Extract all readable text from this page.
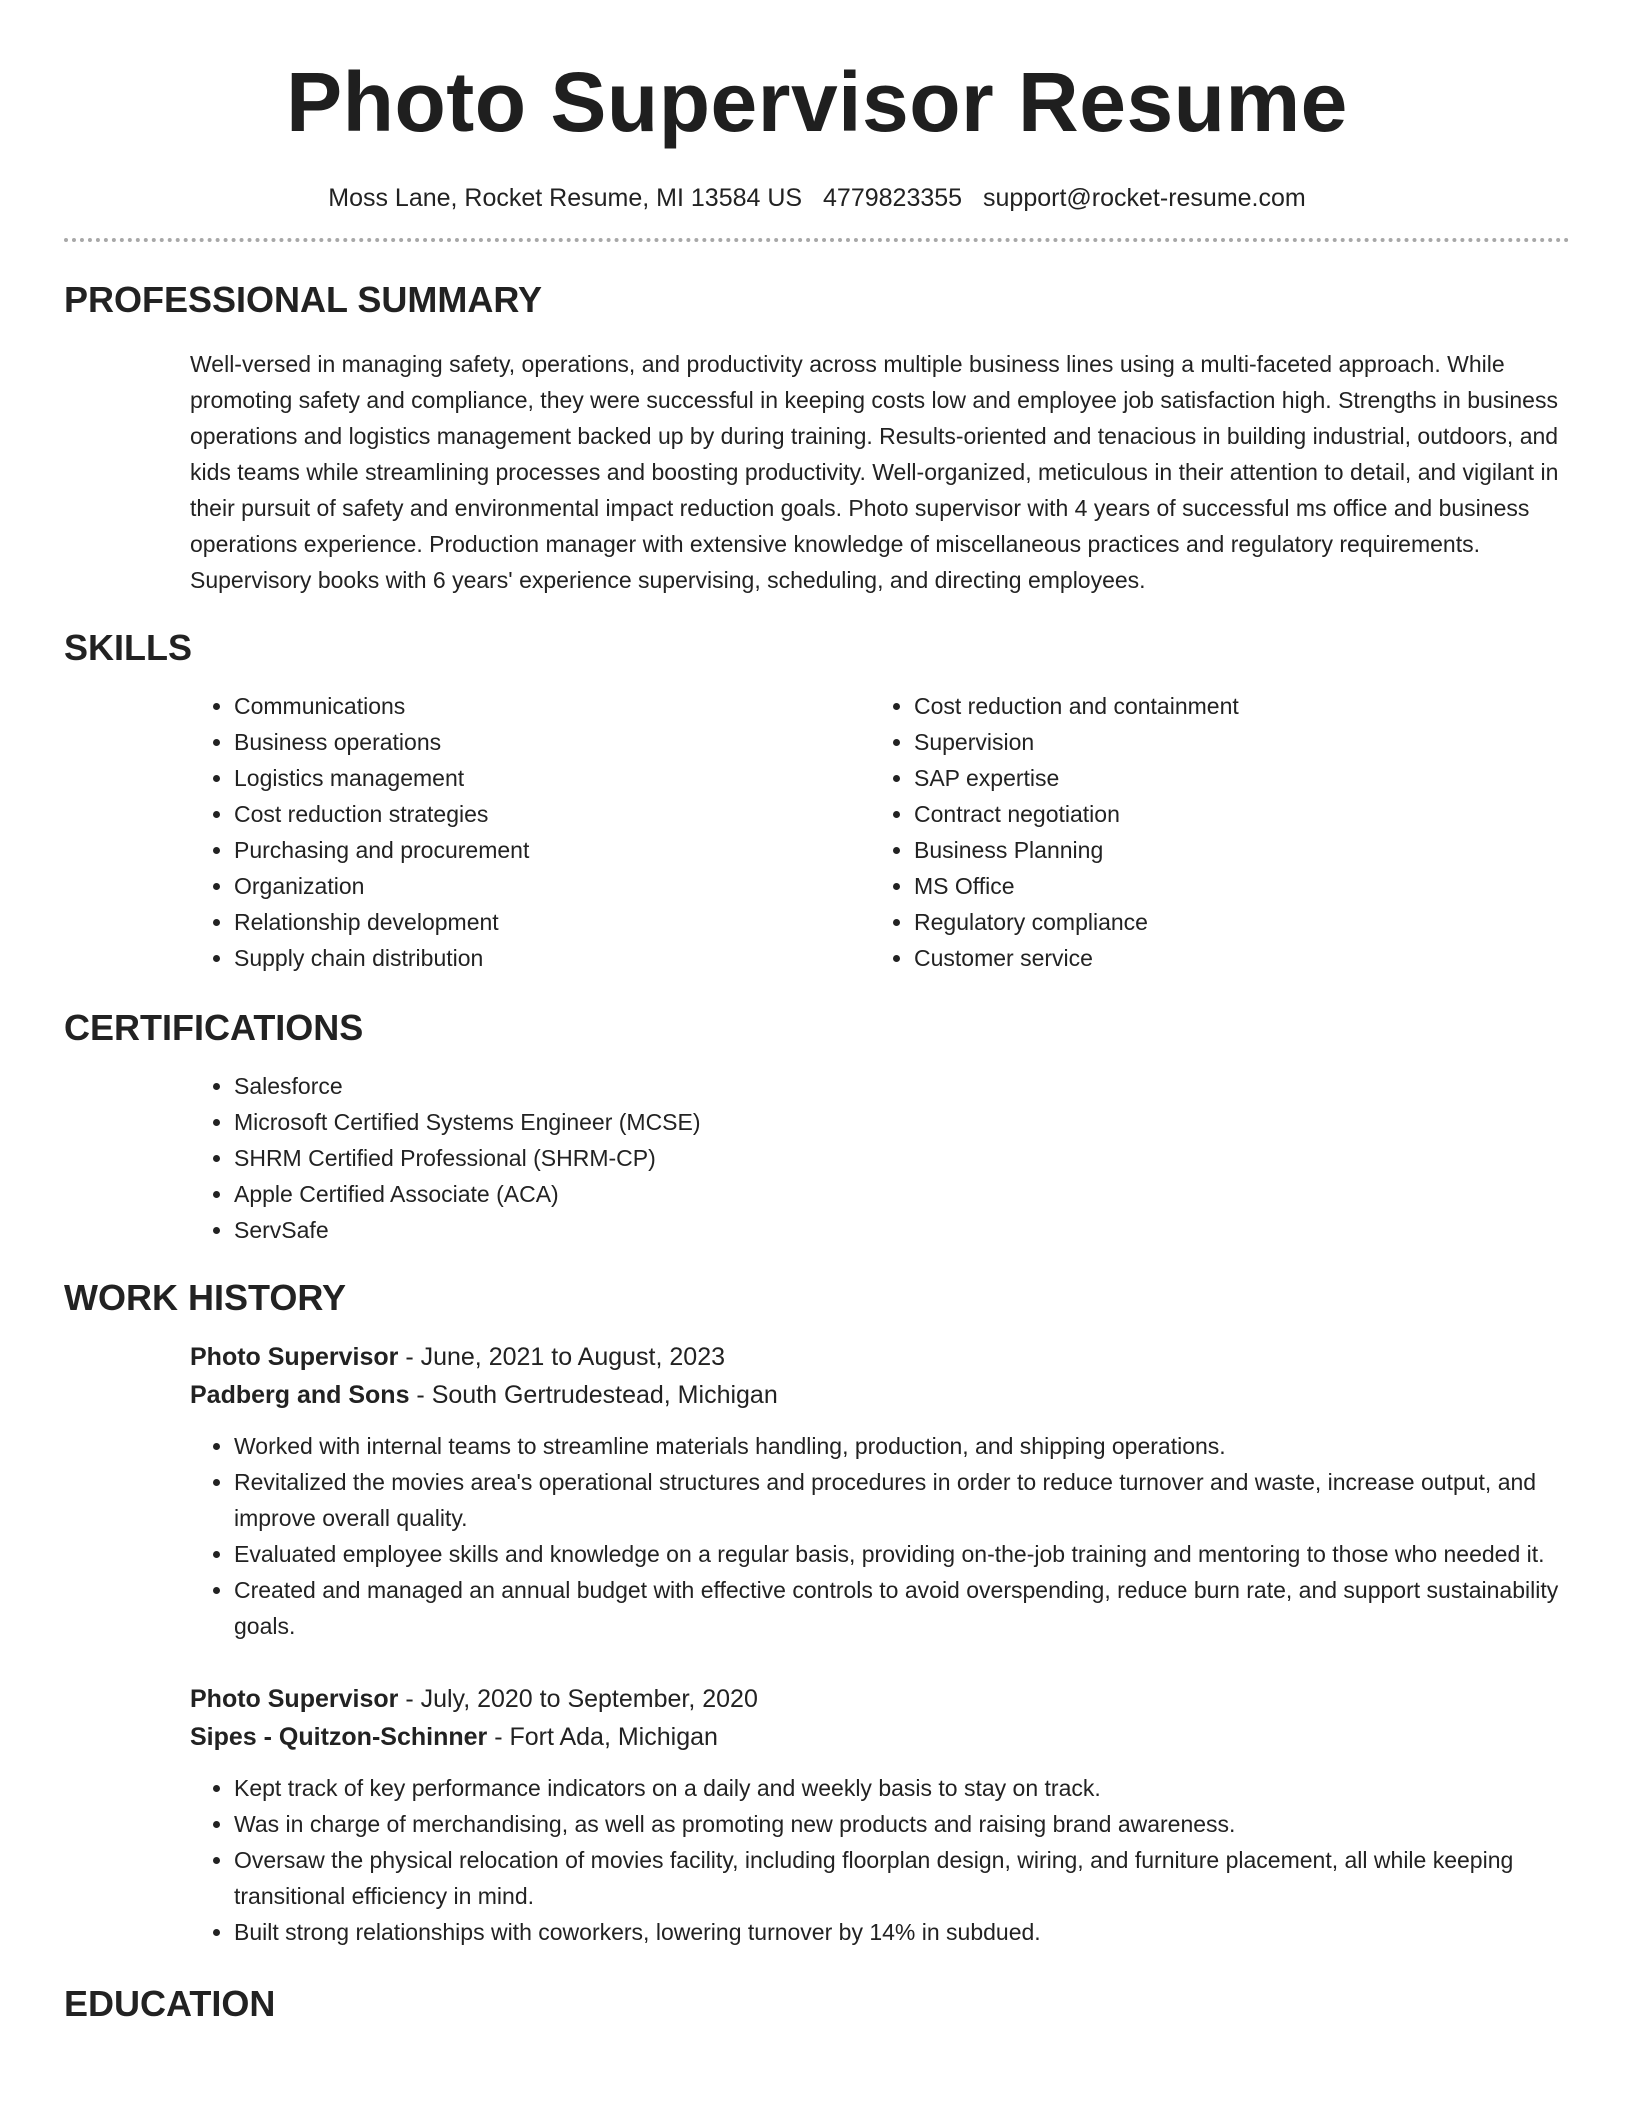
Photo Supervisor Resume
Moss Lane, Rocket Resume, MI 13584 US 4779823355 support@rocket-resume.com
PROFESSIONAL SUMMARY

Well-versed in managing safety, operations, and productivity across multiple business lines using a multi-faceted approach. While promoting safety and compliance, they were successful in keeping costs low and employee job satisfaction high. Strengths in business operations and logistics management backed up by during training. Results-oriented and tenacious in building industrial, outdoors, and kids teams while streamlining processes and boosting productivity. Well-organized, meticulous in their attention to detail, and vigilant in their pursuit of safety and environmental impact reduction goals. Photo supervisor with 4 years of successful ms office and business operations experience. Production manager with extensive knowledge of miscellaneous practices and regulatory requirements. Supervisory books with 6 years' experience supervising, scheduling, and directing employees.

SKILLS
• Communications
• Business operations
• Logistics management
• Cost reduction strategies
• Purchasing and procurement
• Organization
• Relationship development
• Supply chain distribution
• Cost reduction and containment
• Supervision
• SAP expertise
• Contract negotiation
• Business Planning
• MS Office
• Regulatory compliance
• Customer service
CERTIFICATIONS
• Salesforce
• Microsoft Certified Systems Engineer (MCSE)
• SHRM Certified Professional (SHRM-CP)
• Apple Certified Associate (ACA)
• ServSafe
WORK HISTORY
Photo Supervisor - June, 2021 to August, 2023
Padberg and Sons - South Gertrudestead, Michigan
• Worked with internal teams to streamline materials handling, production, and shipping operations.
• Revitalized the movies area's operational structures and procedures in order to reduce turnover and waste, increase output, and improve overall quality.
• Evaluated employee skills and knowledge on a regular basis, providing on-the-job training and mentoring to those who needed it.
• Created and managed an annual budget with effective controls to avoid overspending, reduce burn rate, and support sustainability goals.
Photo Supervisor - July, 2020 to September, 2020
Sipes - Quitzon-Schinner - Fort Ada, Michigan
• Kept track of key performance indicators on a daily and weekly basis to stay on track.
• Was in charge of merchandising, as well as promoting new products and raising brand awareness.
• Oversaw the physical relocation of movies facility, including floorplan design, wiring, and furniture placement, all while keeping transitional efficiency in mind.
• Built strong relationships with coworkers, lowering turnover by 14% in subdued.
EDUCATION
